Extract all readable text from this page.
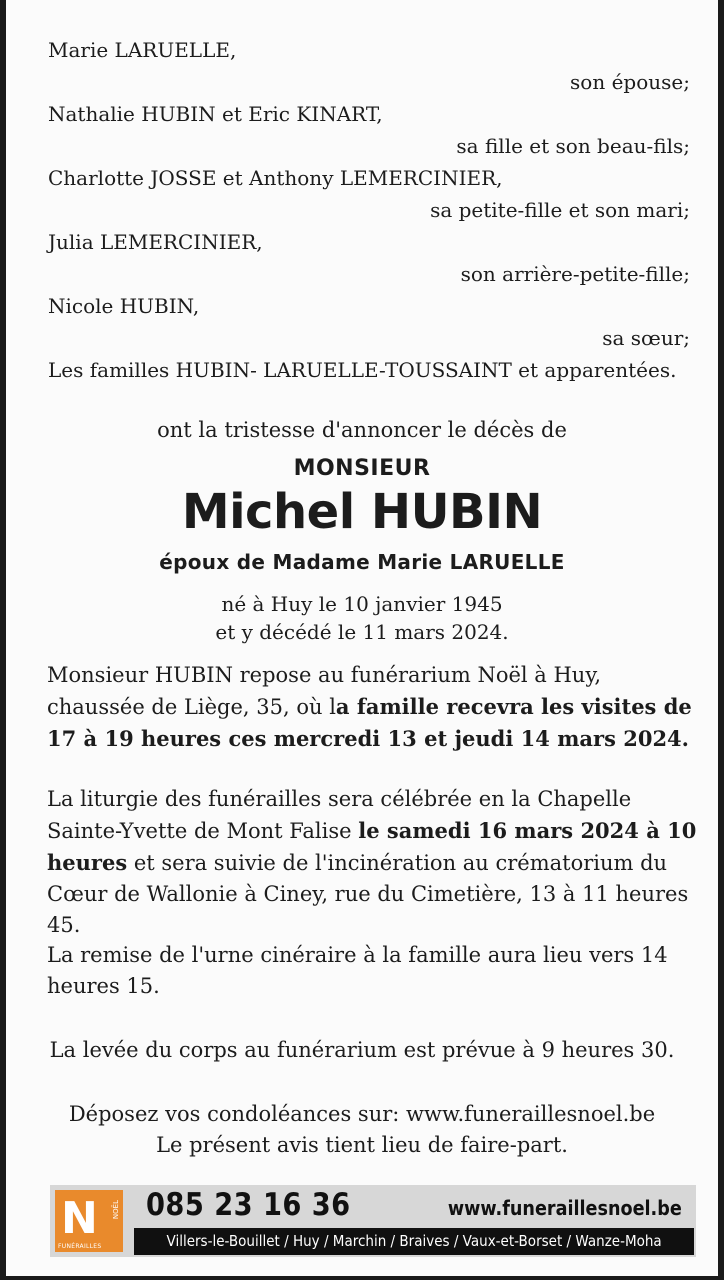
Marie LARUELLE,
son épouse;
Nathalie HUBIN et Eric KINART,
sa fille et son beau-fils;
Charlotte JOSSE et Anthony LEMERCINIER,
sa petite-fille et son mari;
Julia LEMERCINIER,
son arrière-petite-fille;
Nicole HUBIN,
sa sœur;
Les familles HUBIN- LARUELLE-TOUSSAINT et apparentées.
ont la tristesse d'annoncer le décès de
MONSIEUR
Michel HUBIN
époux de Madame Marie LARUELLE
né à Huy le 10 janvier 1945
et y décédé le 11 mars 2024.
Monsieur HUBIN repose au funérarium Noël à Huy, chaussée de Liège, 35, où la famille recevra les visites de 17 à 19 heures ces mercredi 13 et jeudi 14 mars 2024.
La liturgie des funérailles sera célébrée en la Chapelle Sainte-Yvette de Mont Falise le samedi 16 mars 2024 à 10 heures et sera suivie de l'incinération au crématorium du Cœur de Wallonie à Ciney, rue du Cimetière, 13 à 11 heures 45.
La remise de l'urne cinéraire à la famille aura lieu vers 14 heures 15.
La levée du corps au funérarium est prévue à 9 heures 30.
Déposez vos condoléances sur: www.funeraillesnoel.be
Le présent avis tient lieu de faire-part.
N NOËL
FUNÉRAILLES
085 23 16 36	www.funeraillesnoel.be
Villers-le-Bouillet / Huy / Marchin / Braives / Vaux-et-Borset / Wanze-Moha
